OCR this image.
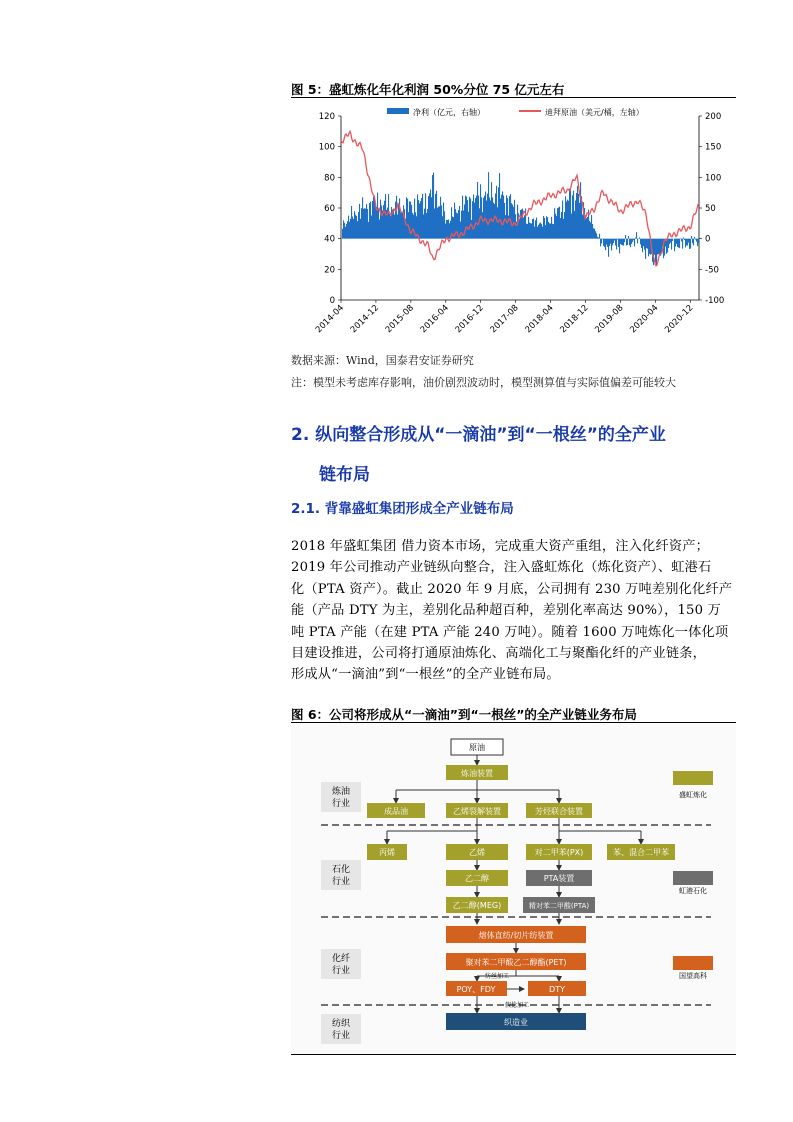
图 5：盛虹炼化年化利润 50%分位 75 亿元左右
净利（亿元，右轴）	迪拜原油（美元/桶，左轴）
0
20
40
60
80
100
120
-100
-50
0
50
100
150
200
2014-04 2014-12 2015-08 2016-04 2016-12 2017-08 2018-04 2018-12 2019-08 2020-04 2020-12
数据来源：Wind，国泰君安证券研究
注：模型未考虑库存影响，油价剧烈波动时，模型测算值与实际值偏差可能较大
2. 纵向整合形成从“一滴油”到“一根丝”的全产业
链布局
2.1. 背靠盛虹集团形成全产业链布局

2018 年盛虹集团 借力资本市场，完成重大资产重组，注入化纤资产；

2019 年公司推动产业链纵向整合，注入盛虹炼化（炼化资产）、虹港石

化（PTA 资产）。截止 2020 年 9 月底，公司拥有 230 万吨差别化化纤产

能（产品 DTY 为主，差别化品种超百种，差别化率高达 90%），150 万

吨 PTA 产能（在建 PTA 产能 240 万吨）。随着 1600 万吨炼化一体化项

目建设推进，公司将打通原油炼化、高端化工与聚酯化纤的产业链条，

形成从“一滴油”到“一根丝”的全产业链布局。

图 6：公司将形成从“一滴油”到“一根丝”的全产业链业务布局
炼油
行业
石化
行业
化纤
行业
纺织
行业
原油
炼油装置
成品油	乙烯裂解装置	芳烃联合装置
丙烯	乙烯	对二甲苯(PX)	苯、混合二甲苯
乙二醇	PTA装置
乙二醇(MEG)	精对苯二甲酸(PTA)
熔体直纺/切片纺装置
聚对苯二甲酸乙二醇酯(PET)
POY、FDY	DTY
纺丝加工
假捻加工
织造业
盛虹炼化
虹港石化
国望高科
